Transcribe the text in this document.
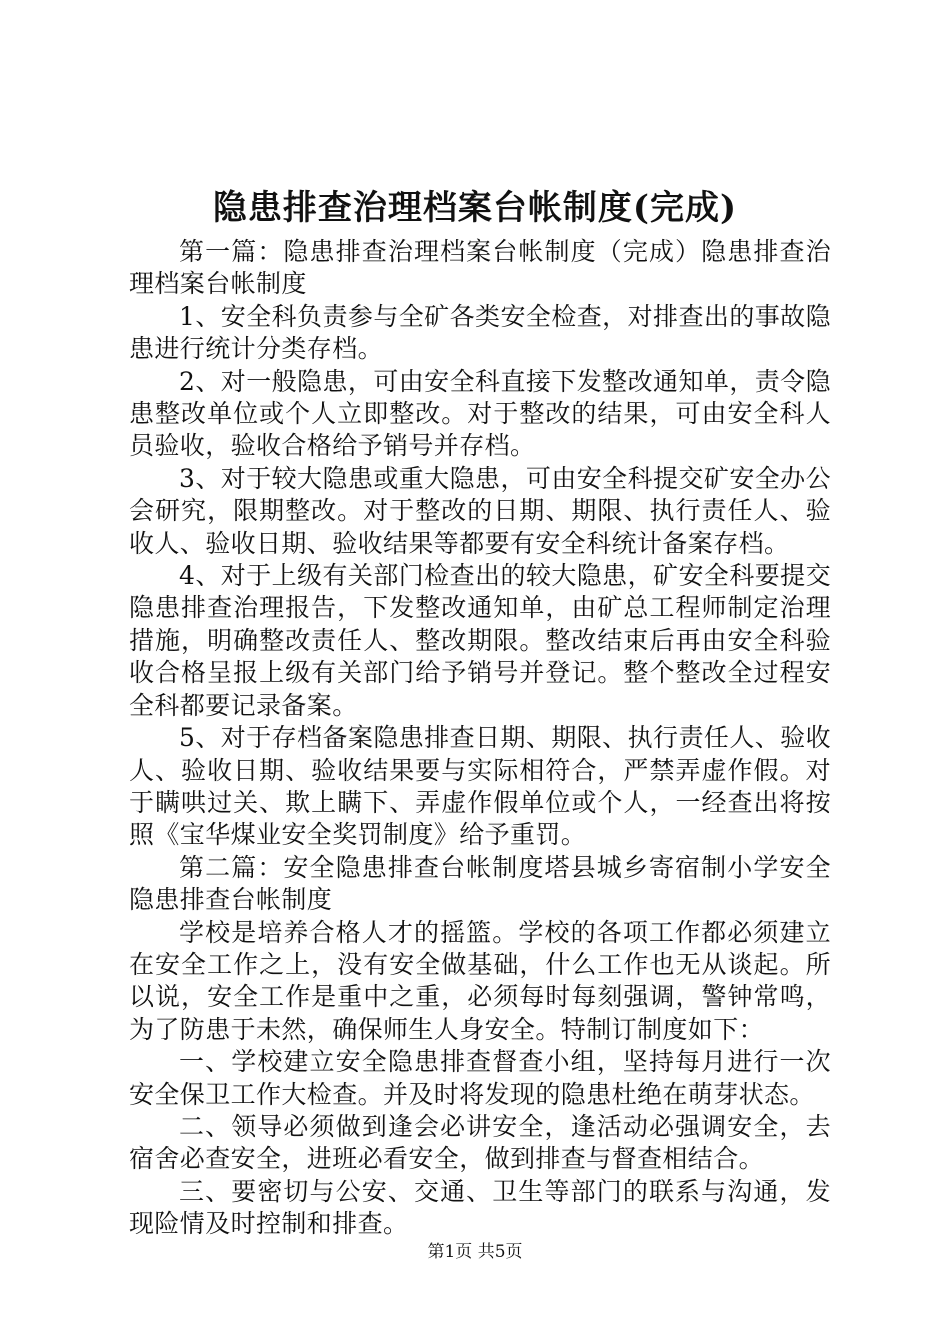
隐患排查治理档案台帐制度(完成)

第一篇：隐患排查治理档案台帐制度（完成）隐患排查治理档案台帐制度

1、安全科负责参与全矿各类安全检查，对排查出的事故隐患进行统计分类存档。

2、对一般隐患，可由安全科直接下发整改通知单，责令隐患整改单位或个人立即整改。对于整改的结果，可由安全科人员验收，验收合格给予销号并存档。

3、对于较大隐患或重大隐患，可由安全科提交矿安全办公会研究，限期整改。对于整改的日期、期限、执行责任人、验收人、验收日期、验收结果等都要有安全科统计备案存档。

4、对于上级有关部门检查出的较大隐患，矿安全科要提交隐患排查治理报告，下发整改通知单，由矿总工程师制定治理措施，明确整改责任人、整改期限。整改结束后再由安全科验收合格呈报上级有关部门给予销号并登记。整个整改全过程安全科都要记录备案。

5、对于存档备案隐患排查日期、期限、执行责任人、验收人、验收日期、验收结果要与实际相符合，严禁弄虚作假。对于瞒哄过关、欺上瞒下、弄虚作假单位或个人，一经查出将按照《宝华煤业安全奖罚制度》给予重罚。

第二篇：安全隐患排查台帐制度塔县城乡寄宿制小学安全隐患排查台帐制度

学校是培养合格人才的摇篮。学校的各项工作都必须建立在安全工作之上，没有安全做基础，什么工作也无从谈起。所以说，安全工作是重中之重，必须每时每刻强调，警钟常鸣，为了防患于未然，确保师生人身安全。特制订制度如下：

一、学校建立安全隐患排查督查小组，坚持每月进行一次安全保卫工作大检查。并及时将发现的隐患杜绝在萌芽状态。

二、领导必须做到逢会必讲安全，逢活动必强调安全，去宿舍必查安全，进班必看安全，做到排查与督查相结合。

三、要密切与公安、交通、卫生等部门的联系与沟通，发现险情及时控制和排查。

第1页 共5页
